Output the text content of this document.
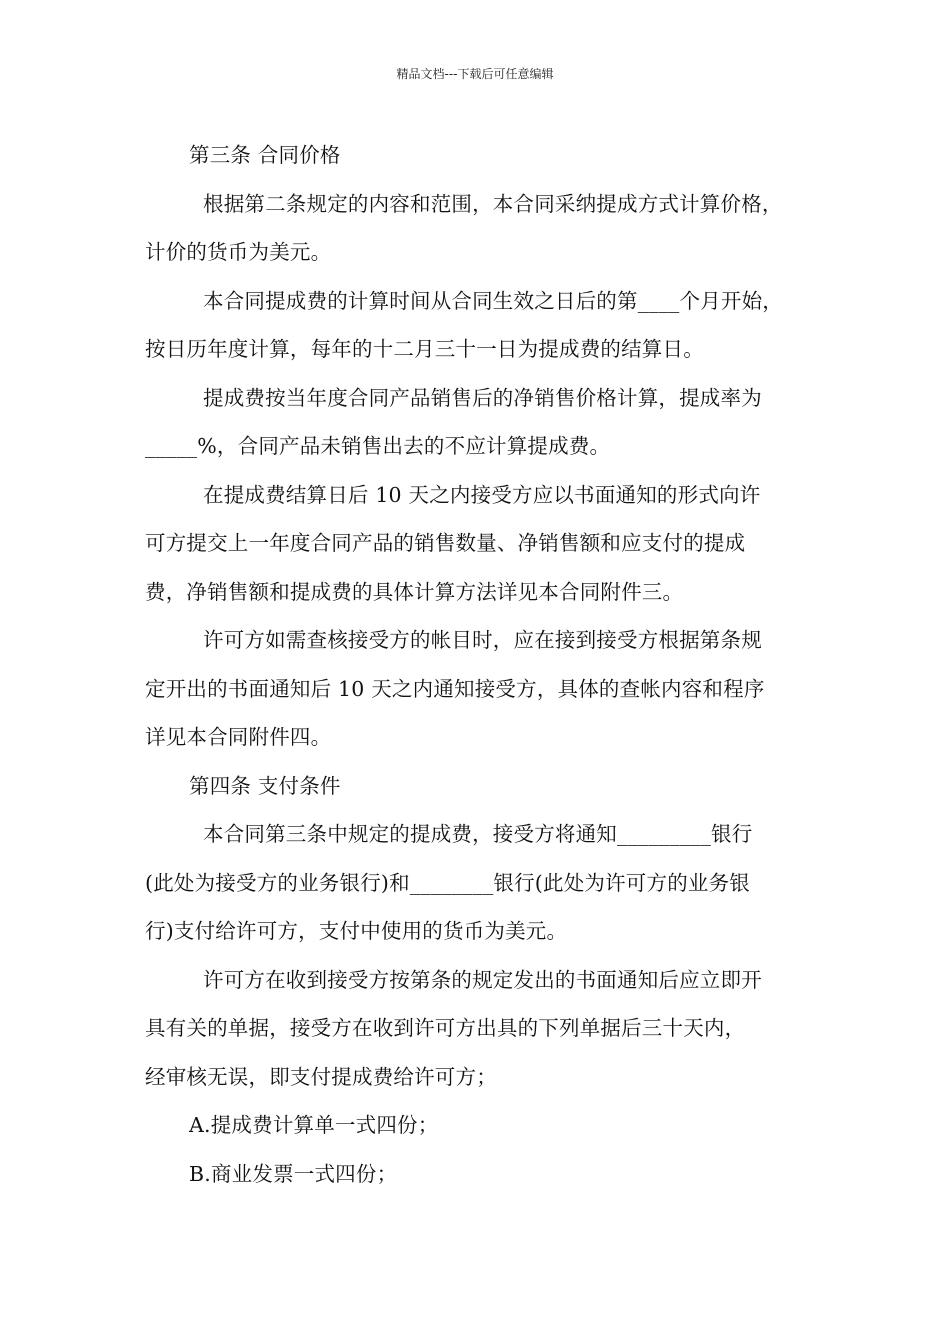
精品文档---下载后可任意编辑
第三条 合同价格
根据第二条规定的内容和范围，本合同采纳提成方式计算价格，
计价的货币为美元。
本合同提成费的计算时间从合同生效之日后的第____个月开始，
按日历年度计算，每年的十二月三十一日为提成费的结算日。
提成费按当年度合同产品销售后的净销售价格计算，提成率为
_____%，合同产品未销售出去的不应计算提成费。
在提成费结算日后 10 天之内接受方应以书面通知的形式向许
可方提交上一年度合同产品的销售数量、净销售额和应支付的提成
费，净销售额和提成费的具体计算方法详见本合同附件三。
许可方如需查核接受方的帐目时，应在接到接受方根据第条规
定开出的书面通知后 10 天之内通知接受方，具体的查帐内容和程序
详见本合同附件四。
第四条 支付条件
本合同第三条中规定的提成费，接受方将通知_________银行
(此处为接受方的业务银行)和________银行(此处为许可方的业务银
行)支付给许可方，支付中使用的货币为美元。
许可方在收到接受方按第条的规定发出的书面通知后应立即开
具有关的单据，接受方在收到许可方出具的下列单据后三十天内，
经审核无误，即支付提成费给许可方；
A.提成费计算单一式四份；
B.商业发票一式四份；
